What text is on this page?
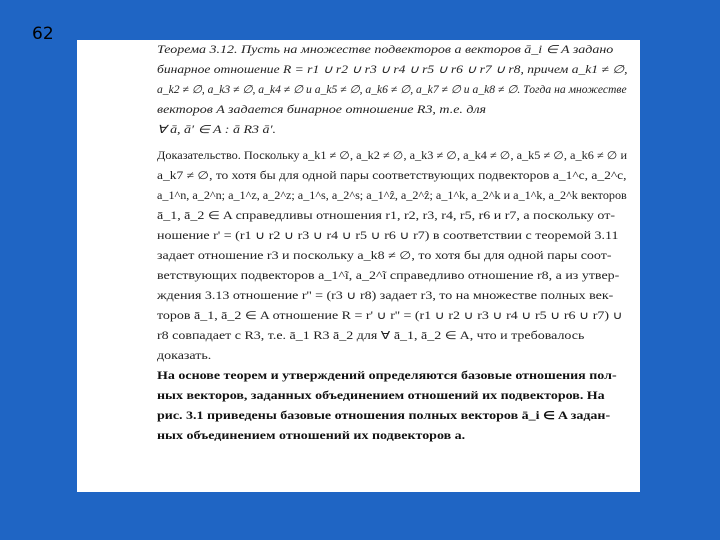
62
Теорема 3.12. Пусть на множестве подвекторов a векторов ā_i ∈ A задано
бинарное отношение R = r1 ∪ r2 ∪ r3 ∪ r4 ∪ r5 ∪ r6 ∪ r7 ∪ r8, причем a_k1 ≠ ∅,
a_k2 ≠ ∅, a_k3 ≠ ∅, a_k4 ≠ ∅ и a_k5 ≠ ∅, a_k6 ≠ ∅, a_k7 ≠ ∅ и a_k8 ≠ ∅. Тогда на множестве
векторов A задается бинарное отношение R3, т.е. для
∀ ā, ā′ ∈ A : ā R3 ā′.
Доказательство. Поскольку a_k1 ≠ ∅, a_k2 ≠ ∅, a_k3 ≠ ∅, a_k4 ≠ ∅, a_k5 ≠ ∅, a_k6 ≠ ∅ и
a_k7 ≠ ∅, то хотя бы для одной пары соответствующих подвекторов a_1^c, a_2^c,
a_1^n, a_2^n; a_1^z, a_2^z; a_1^s, a_2^s; a_1^ẑ, a_2^ẑ; a_1^k, a_2^k и a_1^k, a_2^k векторов
ā_1, ā_2 ∈ A справедливы отношения r1, r2, r3, r4, r5, r6 и r7, а поскольку от-
ношение r' = (r1 ∪ r2 ∪ r3 ∪ r4 ∪ r5 ∪ r6 ∪ r7) в соответствии с теоремой 3.11
задает отношение r3 и поскольку a_k8 ≠ ∅, то хотя бы для одной пары соот-
ветствующих подвекторов a_1^ĩ, a_2^ĩ справедливо отношение r8, а из утвер-
ждения 3.13 отношение r'' = (r3 ∪ r8) задает r3, то на множестве полных век-
торов ā_1, ā_2 ∈ A отношение R = r' ∪ r'' = (r1 ∪ r2 ∪ r3 ∪ r4 ∪ r5 ∪ r6 ∪ r7) ∪
r8 совпадает с R3, т.е. ā_1 R3 ā_2 для ∀ ā_1, ā_2 ∈ A, что и требовалось
доказать.
На основе теорем и утверждений определяются базовые отношения пол-
ных векторов, заданных объединением отношений их подвекторов. На
рис. 3.1 приведены базовые отношения полных векторов ā_i ∈ A задан-
ных объединением отношений их подвекторов a.
